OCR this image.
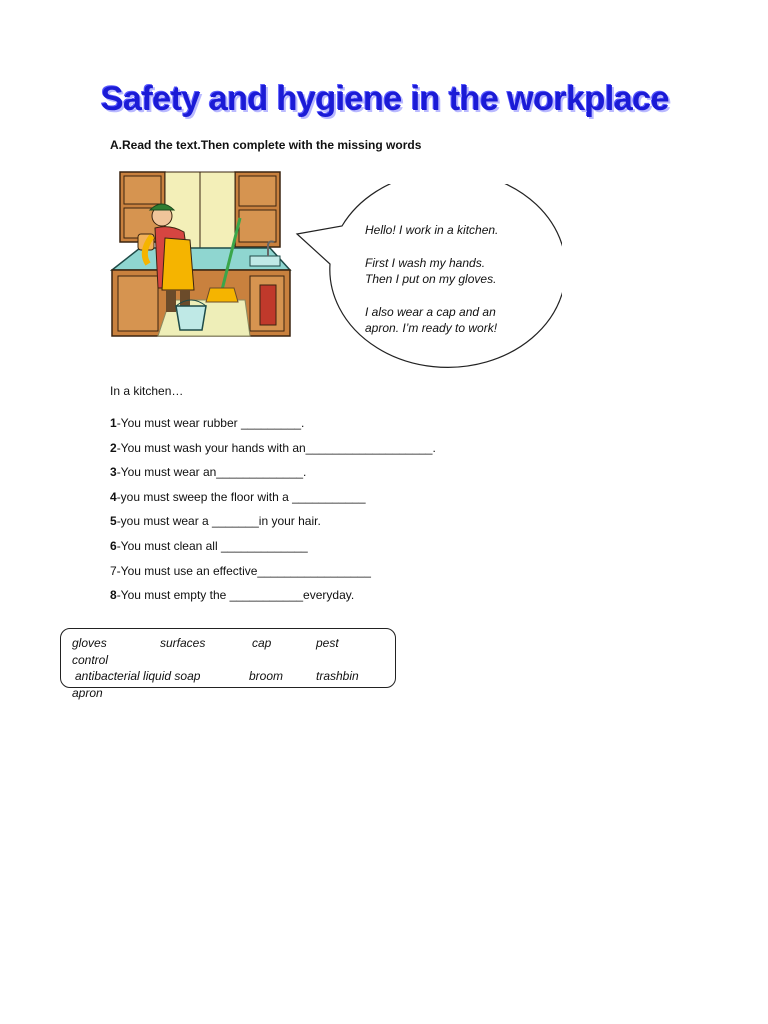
Safety and hygiene in the workplace
A.Read the text.Then complete with the missing words

Hello! I work in a kitchen.

First I wash my hands.
Then I put on my gloves.

I also wear a cap and an
apron. I’m ready to work!

In a kitchen…
1-You must wear rubber _________.
2-You must wash your hands with an___________________.
3-You must wear an_____________.
4-you must sweep the floor with a ___________
5-you must wear a _______in your hair.
6-You must clean all _____________
7-You must use an effective_________________
8-You must empty the ___________everyday.
gloves	surfaces	cap	pest
control
antibacterial liquid soap	broom	trashbin
apron
